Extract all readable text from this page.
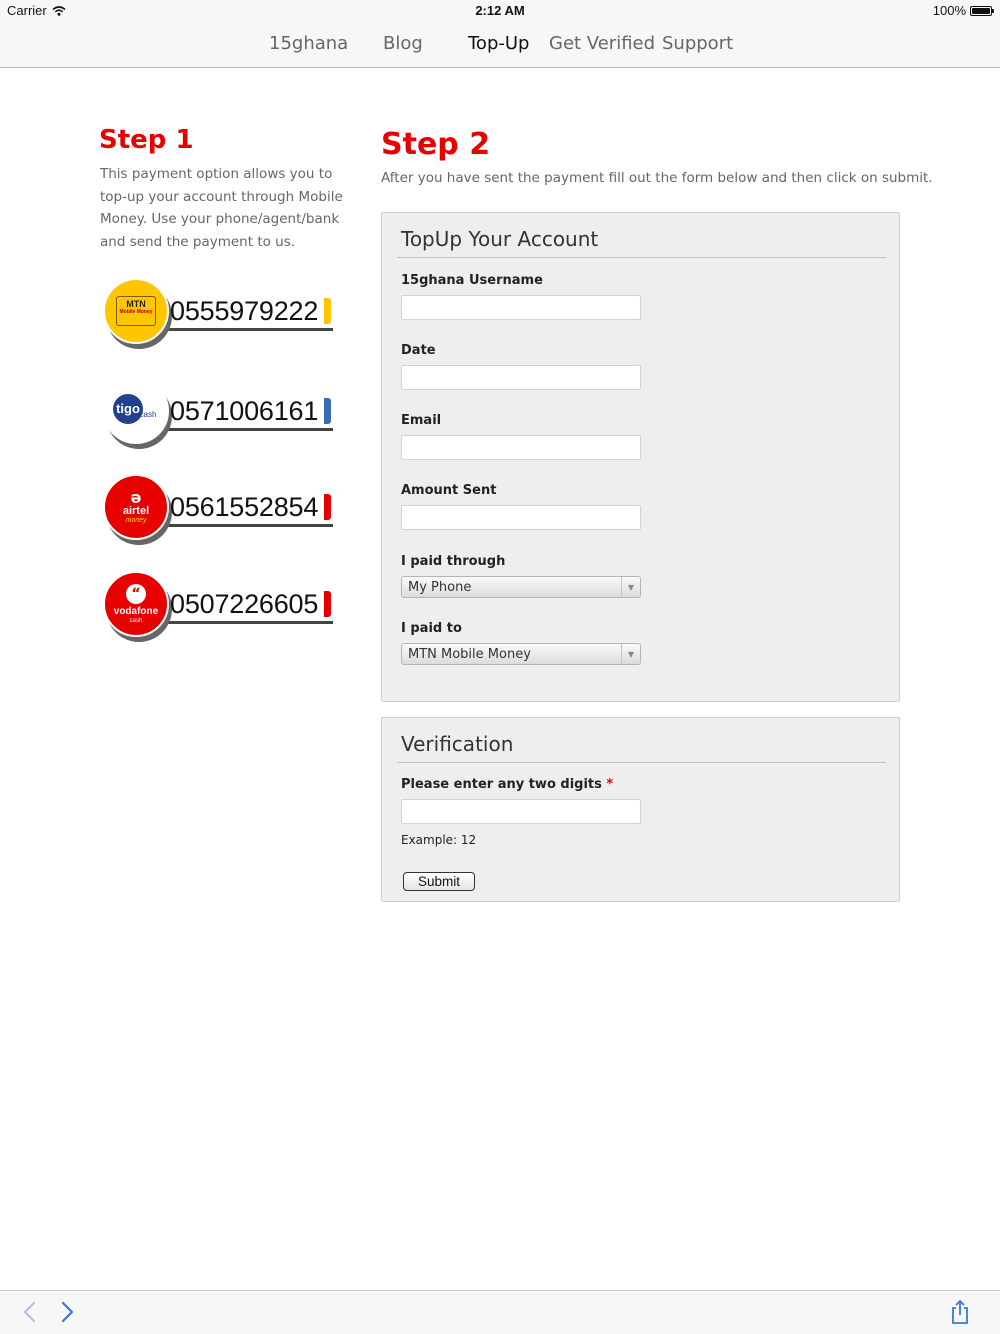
Carrier	2:12 AM	100%
15ghana Blog	Top-Up Get Verified Support
Step 1
This payment option allows you to top-up your account through Mobile Money. Use your phone/agent/bank and send the payment to us.
MTN
Mobile Money 0555979222
tigo cash 0571006161
ə
airtel
money 0561552854
“
vodafone
cash
0507226605
Step 2
After you have sent the payment fill out the form below and then click on submit.
TopUp Your Account
15ghana Username
Date
Email
Amount Sent
I paid through
My Phone	▼
I paid to
MTN Mobile Money	▼
Verification
Please enter any two digits *
Example: 12
Submit
